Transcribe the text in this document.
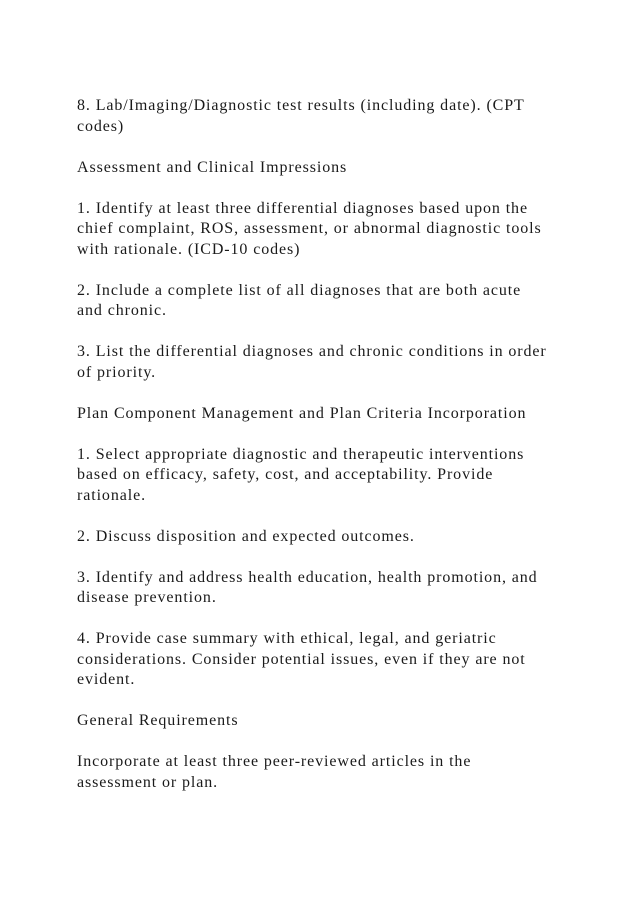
8. Lab/Imaging/Diagnostic test results (including date). (CPT
codes)

Assessment and Clinical Impressions

1. Identify at least three differential diagnoses based upon the
chief complaint, ROS, assessment, or abnormal diagnostic tools
with rationale. (ICD-10 codes)

2. Include a complete list of all diagnoses that are both acute
and chronic.

3. List the differential diagnoses and chronic conditions in order
of priority.

Plan Component Management and Plan Criteria Incorporation

1. Select appropriate diagnostic and therapeutic interventions
based on efficacy, safety, cost, and acceptability. Provide
rationale.

2. Discuss disposition and expected outcomes.

3. Identify and address health education, health promotion, and
disease prevention.

4. Provide case summary with ethical, legal, and geriatric
considerations. Consider potential issues, even if they are not
evident.

General Requirements

Incorporate at least three peer-reviewed articles in the
assessment or plan.
